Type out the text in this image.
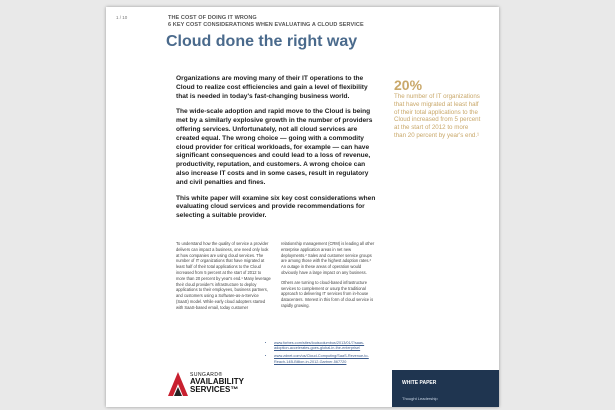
1 / 10	THE COST OF DOING IT WRONG
6 KEY COST CONSIDERATIONS WHEN EVALUATING A CLOUD SERVICE
Cloud done the right way

Organizations are moving many of their IT operations to the Cloud to realize cost efficiencies and gain a level of flexibility that is needed in today's fast-changing business world.

The wide-scale adoption and rapid move to the Cloud is being met by a similarly explosive growth in the number of providers offering services. Unfortunately, not all cloud services are created equal. The wrong choice — going with a commodity cloud provider for critical workloads, for example — can have significant consequences and could lead to a loss of revenue, productivity, reputation, and customers. A wrong choice can also increase IT costs and in some cases, result in regulatory and civil penalties and fines.

This white paper will examine six key cost considerations when evaluating cloud services and provide recommendations for selecting a suitable provider.

20%
The number of IT organizations that have migrated at least half of their total applications to the Cloud increased from 5 percent at the start of 2012 to more than 20 percent by year's end.¹

To understand how the quality of service a provider delivers can impact a business, one need only look at how companies are using cloud services. The number of IT organizations that have migrated at least half of their total applications to the Cloud increased from 5 percent at the start of 2012 to more than 20 percent by year's end.¹ Many leverage their cloud provider's infrastructure to deploy applications to their employees, business partners, and customers using a Software-as-a-Service (SaaS) model. While early cloud adopters started with SaaS-based email, today customer

relationship management (CRM) is leading all other enterprise application areas in net new deployments.² Sales and customer service groups are among those with the highest adoption rates.³ An outage in these areas of operation would obviously have a large impact on any business.

Others are turning to cloud-based infrastructure services to complement or usurp the traditional approach to delivering IT services from in-house datacenters. Interest in this form of cloud service is rapidly growing.

• www.forbes.com/sites/louiscolumbus/2013/01/7/saas-adoption-accelerates-goes-global-in-the-enterprise/
• www.zdnet.com/us/Cloud-Computing/SaaS-Revenue-to-Reach-14B-Billion-in-2012-Gartner-567720
SUNGARD®
AVAILABILITY
SERVICES™
WHITE PAPER
Thought Leadership
